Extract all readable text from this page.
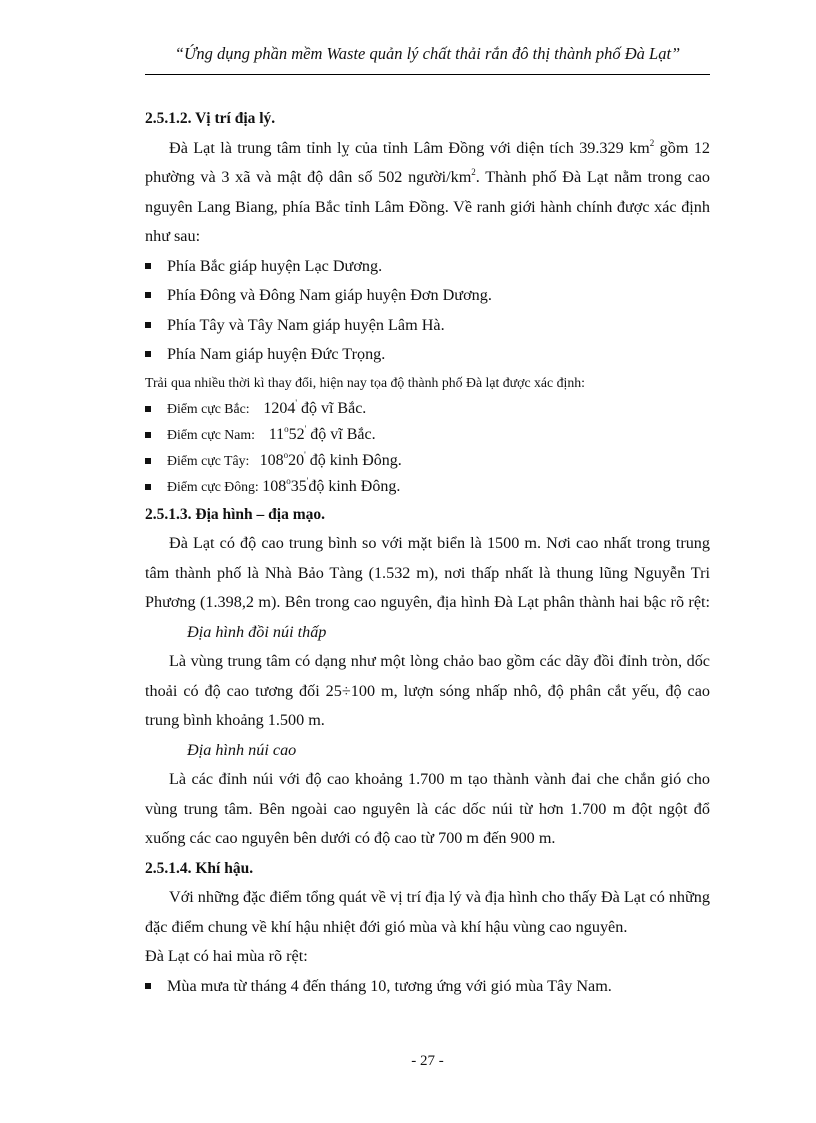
“Ứng dụng phần mềm Waste quản lý chất thải rắn đô thị thành phố Đà Lạt”
2.5.1.2. Vị trí địa lý.
Đà Lạt là trung tâm tỉnh lỵ của tỉnh Lâm Đồng với diện tích 39.329 $km^2$ gồm 12
phường và 3 xã và mật độ dân số 502 người/$km^2$. Thành phố Đà Lạt nằm trong cao
nguyên Lang Biang, phía Bắc tỉnh Lâm Đồng. Về ranh giới hành chính được xác định
như sau:
Phía Bắc giáp huyện Lạc Dương.
Phía Đông và Đông Nam giáp huyện Đơn Dương.
Phía Tây và Tây Nam giáp huyện Lâm Hà.
Phía Nam giáp huyện Đức Trọng.
Trải qua nhiều thời kì thay đổi, hiện nay tọa độ thành phố Đà lạt được xác định:
Điểm cực Bắc:    1204' độ vĩ Bắc.
Điểm cực Nam:    11$^o$52' độ vĩ Bắc.
Điểm cực Tây:   108$^o$20' độ kinh Đông.
Điểm cực Đông: 108$^o$35'độ kinh Đông.
2.5.1.3. Địa hình – địa mạo.
Đà Lạt có độ cao trung bình so với mặt biển là 1500 m. Nơi cao nhất trong trung
tâm thành phố là Nhà Bảo Tàng (1.532 m), nơi thấp nhất là thung lũng Nguyễn Tri
Phương (1.398,2 m). Bên trong cao nguyên, địa hình Đà Lạt phân thành hai bậc rõ rệt:
Địa hình đồi núi thấp
Là vùng trung tâm có dạng như một lòng chảo bao gồm các dãy đồi đỉnh tròn, dốc
thoải có độ cao tương đối 25÷100 m, lượn sóng nhấp nhô, độ phân cắt yếu, độ cao
trung bình khoảng 1.500 m.
Địa hình núi cao
Là các đỉnh núi với độ cao khoảng 1.700 m tạo thành vành đai che chắn gió cho
vùng trung tâm. Bên ngoài cao nguyên là các dốc núi từ hơn 1.700 m đột ngột đổ
xuống các cao nguyên bên dưới có độ cao từ 700 m đến 900 m.
2.5.1.4. Khí hậu.
Với những đặc điểm tổng quát về vị trí địa lý và địa hình cho thấy Đà Lạt có những
đặc điểm chung về khí hậu nhiệt đới gió mùa và khí hậu vùng cao nguyên.
Đà Lạt có hai mùa rõ rệt:
Mùa mưa từ tháng 4 đến tháng 10, tương ứng với gió mùa Tây Nam.
- 27 -
